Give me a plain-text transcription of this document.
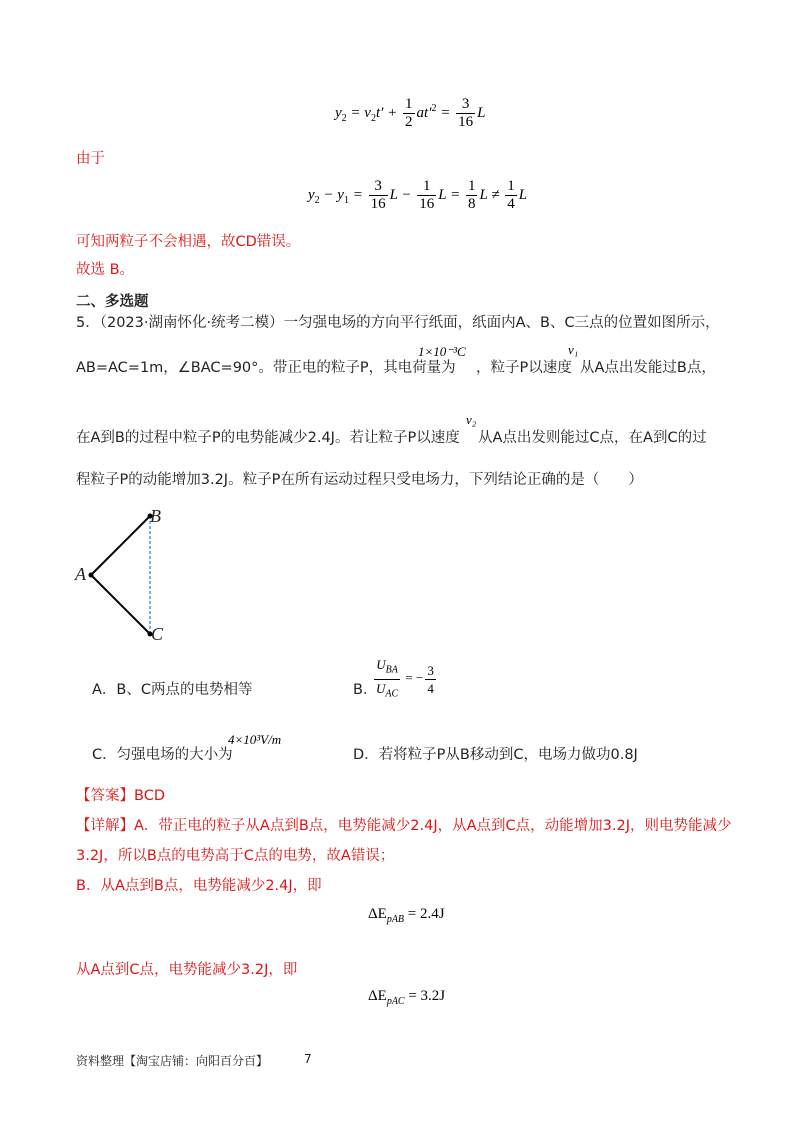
$y_2 = v_2t' + \frac{1}{2} at'^2 = \frac{3}{16}$ L
由于
$y_2 - y_1 = \frac{3}{16}$ $L - \frac{1}{16}$ $L = \frac{1}{8}$ $L \ne \frac{1}{4}$ L
可知两粒子不会相遇，故CD错误。
故选 B。
二、多选题
5．（2023·湖南怀化·统考二模）一匀强电场的方向平行纸面，纸面内A、B、C三点的位置如图所示，
AB=AC=1m，∠BAC=90°。带正电的粒子P，其电荷量为
1×10⁻³C
，粒子P以速度
v₁
从A点出发能过B点，
在A到B的过程中粒子P的电势能减少2.4J。若让粒子P以速度
v₂
从A点出发则能过C点，在A到C的过
程粒子P的动能增加3.2J。粒子P在所有运动过程只受电场力，下列结论正确的是（　　）
A
B
C
A．B、C两点的电势相等	B．
$\frac{U_{BA}}{U_{AC}}$ = − $\frac{3}{4}$
C．匀强电场的大小为
4×10³V/m
D．若将粒子P从B移动到C，电场力做功0.8J
【答案】BCD
【详解】A．带正电的粒子从A点到B点，电势能减少2.4J，从A点到C点，动能增加3.2J，则电势能减少
3.2J，所以B点的电势高于C点的电势，故A错误；
B．从A点到B点，电势能减少2.4J，即
$\Delta E_{pAB} = 2.4J$
从A点到C点，电势能减少3.2J，即
$\Delta E_{pAC} = 3.2J$
资料整理【淘宝店铺：向阳百分百】	7
